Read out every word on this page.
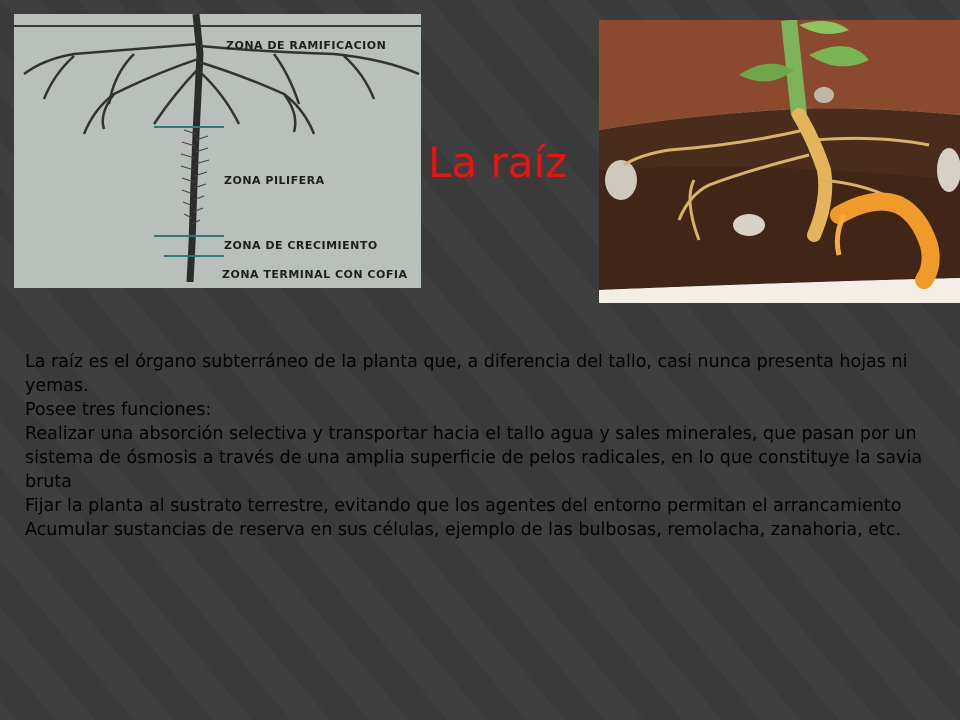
ZONA DE RAMIFICACION
ZONA PILIFERA
ZONA DE CRECIMIENTO
ZONA TERMINAL CON COFIA
La raíz

La raíz es el órgano subterráneo de la planta que, a diferencia del tallo, casi nunca presenta hojas ni yemas.

Posee tres funciones:

Realizar una absorción selectiva y transportar hacia el tallo agua y sales minerales, que pasan por un sistema de ósmosis a través de una amplia superficie de pelos radicales, en lo que constituye la savia bruta

Fijar la planta al sustrato terrestre, evitando que los agentes del entorno permitan el arrancamiento

Acumular sustancias de reserva en sus células, ejemplo de las bulbosas, remolacha, zanahoria, etc.
